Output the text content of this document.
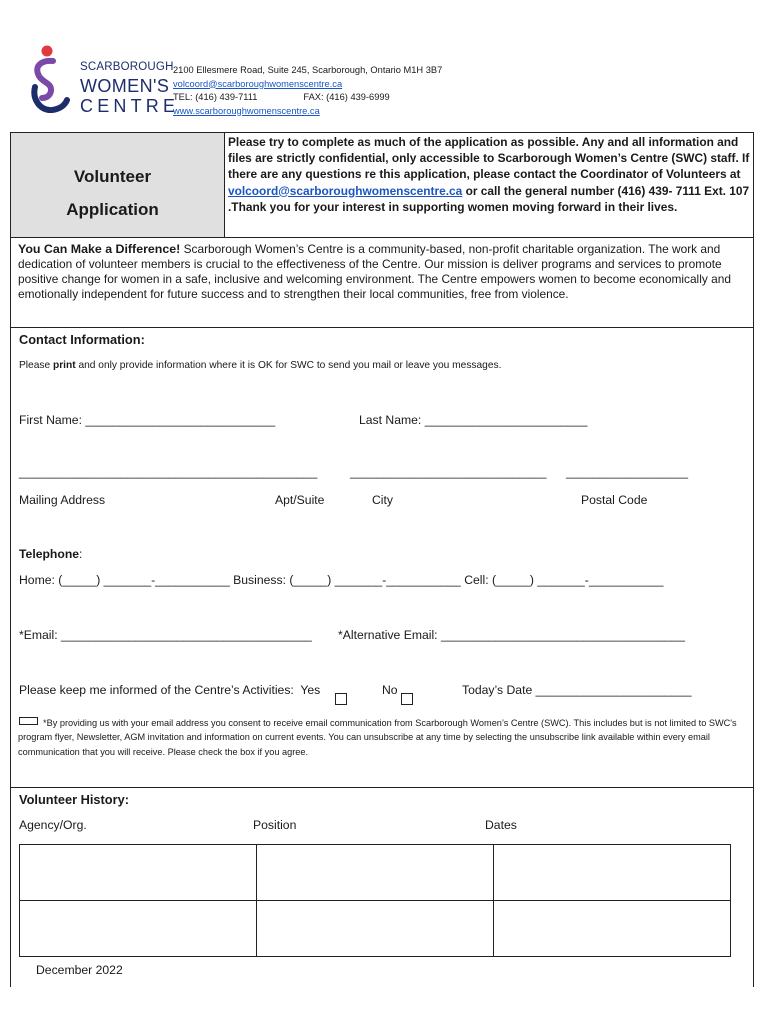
SCARBOROUGH
WOMEN'S
CENTRE
2100 Ellesmere Road, Suite 245, Scarborough, Ontario M1H 3B7
volcoord@scarboroughwomenscentre.ca
TEL: (416) 439-7111	FAX: (416) 439-6999
www.scarboroughwomenscentre.ca
Volunteer
Application
Please try to complete as much of the application as possible. Any and all information and files are strictly confidential, only accessible to Scarborough Women’s Centre (SWC) staff. If there are any questions re this application, please contact the Coordinator of Volunteers at volcoord@scarboroughwomenscentre.ca or call the general number (416) 439- 7111 Ext. 107 .Thank you for your interest in supporting women moving forward in their lives.
You Can Make a Difference! Scarborough Women’s Centre is a community-based, non-profit charitable organization. The work and dedication of volunteer members is crucial to the effectiveness of the Centre. Our mission is deliver programs and services to promote positive change for women in a safe, inclusive and welcoming environment. The Centre empowers women to become economically and emotionally independent for future success and to strengthen their local communities, free from violence.
Contact Information:
Please print and only provide information where it is OK for SWC to send you mail or leave you messages.
First Name: ____________________________	Last Name: ________________________
____________________________________________	_____________________________ __________________
Mailing Address	Apt/Suite	City	Postal Code
Telephone:
Home: (_____) _______-___________ Business: (_____) _______-___________ Cell: (_____) _______-___________
*Email: _____________________________________ *Alternative Email: ____________________________________
Please keep me informed of the Centre’s Activities:  Yes	No	Today’s Date _______________________
*By providing us with your email address you consent to receive email communication from Scarborough Women’s Centre (SWC). This includes but is not limited to SWC's program flyer, Newsletter, AGM invitation and information on current events. You can unsubscribe at any time by selecting the unsubscribe link available within every email communication that you will receive. Please check the box if you agree.
Volunteer History:
Agency/Org.	Position	Dates

December 2022
